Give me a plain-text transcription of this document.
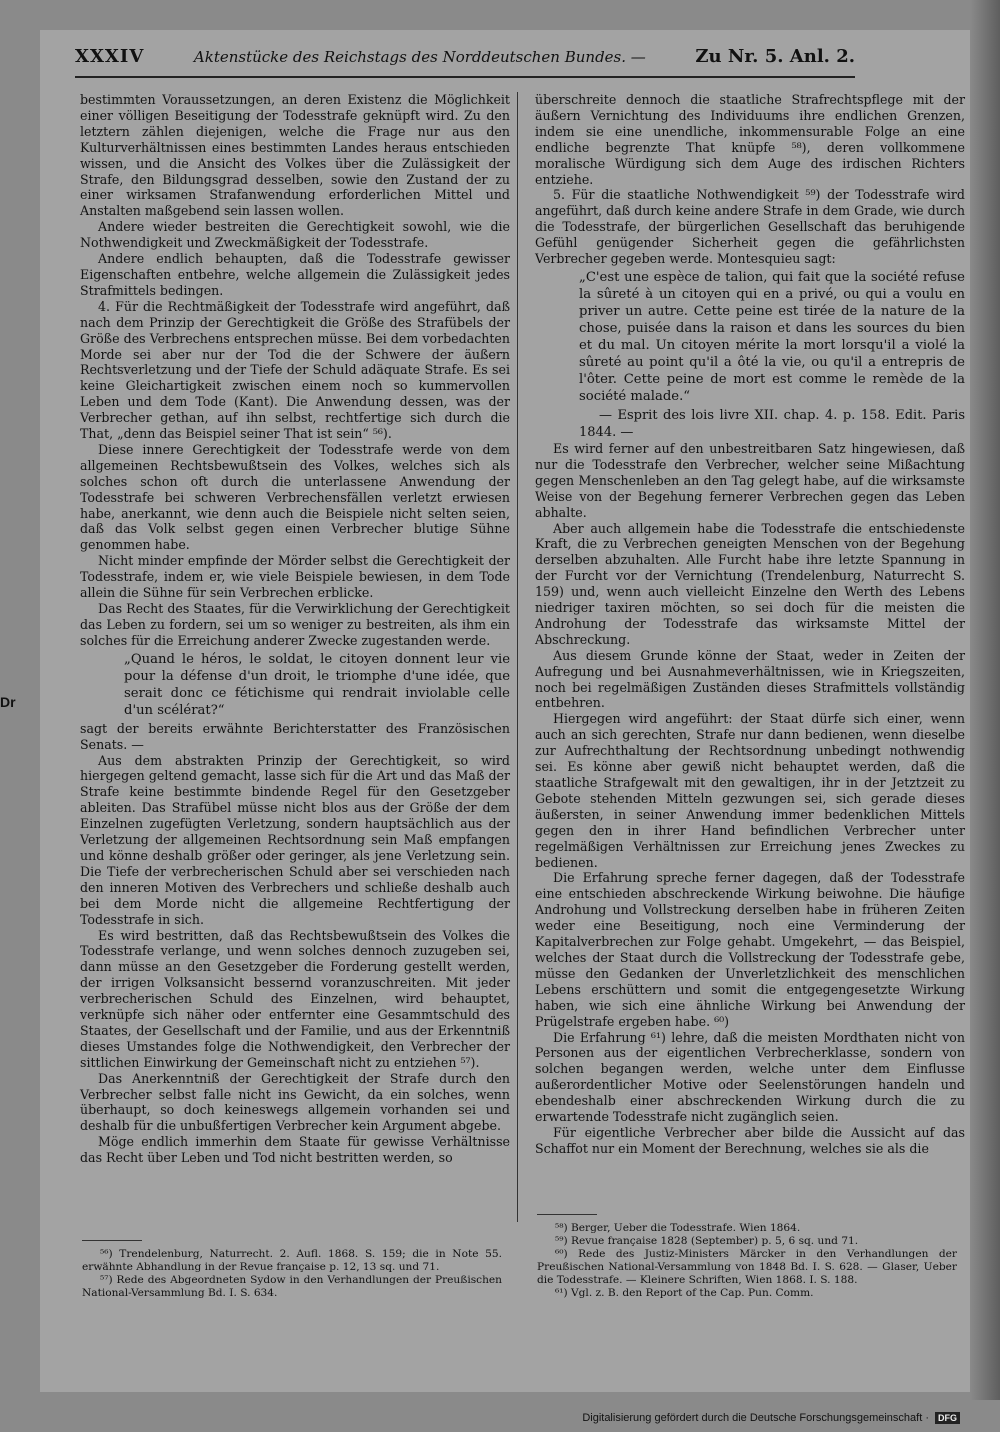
Dr
XXXIV	Aktenstücke des Reichstags des Norddeutschen Bundes. —	Zu Nr. 5. Anl. 2.

bestimmten Voraussetzungen, an deren Existenz die Möglichkeit einer völligen Beseitigung der Todesstrafe geknüpft wird. Zu den letztern zählen diejenigen, welche die Frage nur aus den Kulturverhältnissen eines bestimmten Landes heraus entschieden wissen, und die Ansicht des Volkes über die Zulässigkeit der Strafe, den Bildungsgrad desselben, sowie den Zustand der zu einer wirksamen Strafanwendung erforderlichen Mittel und Anstalten maßgebend sein lassen wollen.

Andere wieder bestreiten die Gerechtigkeit sowohl, wie die Nothwendigkeit und Zweckmäßigkeit der Todesstrafe.

Andere endlich behaupten, daß die Todesstrafe gewisser Eigenschaften entbehre, welche allgemein die Zulässigkeit jedes Strafmittels bedingen.

4. Für die Rechtmäßigkeit der Todesstrafe wird angeführt, daß nach dem Prinzip der Gerechtigkeit die Größe des Strafübels der Größe des Verbrechens entsprechen müsse. Bei dem vorbedachten Morde sei aber nur der Tod die der Schwere der äußern Rechtsverletzung und der Tiefe der Schuld adäquate Strafe. Es sei keine Gleichartigkeit zwischen einem noch so kummervollen Leben und dem Tode (Kant). Die Anwendung dessen, was der Verbrecher gethan, auf ihn selbst, rechtfertige sich durch die That, „denn das Beispiel seiner That ist sein“ ⁵⁶).

Diese innere Gerechtigkeit der Todesstrafe werde von dem allgemeinen Rechtsbewußtsein des Volkes, welches sich als solches schon oft durch die unterlassene Anwendung der Todesstrafe bei schweren Verbrechensfällen verletzt erwiesen habe, anerkannt, wie denn auch die Beispiele nicht selten seien, daß das Volk selbst gegen einen Verbrecher blutige Sühne genommen habe.

Nicht minder empfinde der Mörder selbst die Gerechtigkeit der Todesstrafe, indem er, wie viele Beispiele bewiesen, in dem Tode allein die Sühne für sein Verbrechen erblicke.

Das Recht des Staates, für die Verwirklichung der Gerechtigkeit das Leben zu fordern, sei um so weniger zu bestreiten, als ihm ein solches für die Erreichung anderer Zwecke zugestanden werde.

„Quand le héros, le soldat, le citoyen donnent leur vie pour la défense d'un droit, le triomphe d'une idée, que serait donc ce fétichisme qui rendrait inviolable celle d'un scélérat?“

sagt der bereits erwähnte Berichterstatter des Französischen Senats. —

Aus dem abstrakten Prinzip der Gerechtigkeit, so wird hiergegen geltend gemacht, lasse sich für die Art und das Maß der Strafe keine bestimmte bindende Regel für den Gesetzgeber ableiten. Das Strafübel müsse nicht blos aus der Größe der dem Einzelnen zugefügten Verletzung, sondern hauptsächlich aus der Verletzung der allgemeinen Rechtsordnung sein Maß empfangen und könne deshalb größer oder geringer, als jene Verletzung sein. Die Tiefe der verbrecherischen Schuld aber sei verschieden nach den inneren Motiven des Verbrechers und schließe deshalb auch bei dem Morde nicht die allgemeine Rechtfertigung der Todesstrafe in sich.

Es wird bestritten, daß das Rechtsbewußtsein des Volkes die Todesstrafe verlange, und wenn solches dennoch zuzugeben sei, dann müsse an den Gesetzgeber die Forderung gestellt werden, der irrigen Volksansicht bessernd voranzuschreiten. Mit jeder verbrecherischen Schuld des Einzelnen, wird behauptet, verknüpfe sich näher oder entfernter eine Gesammtschuld des Staates, der Gesellschaft und der Familie, und aus der Erkenntniß dieses Umstandes folge die Nothwendigkeit, den Verbrecher der sittlichen Einwirkung der Gemeinschaft nicht zu entziehen ⁵⁷).

Das Anerkenntniß der Gerechtigkeit der Strafe durch den Verbrecher selbst falle nicht ins Gewicht, da ein solches, wenn überhaupt, so doch keineswegs allgemein vorhanden sei und deshalb für die unbußfertigen Verbrecher kein Argument abgebe.

Möge endlich immerhin dem Staate für gewisse Verhältnisse das Recht über Leben und Tod nicht bestritten werden, so

überschreite dennoch die staatliche Strafrechtspflege mit der äußern Vernichtung des Individuums ihre endlichen Grenzen, indem sie eine unendliche, inkommensurable Folge an eine endliche begrenzte That knüpfe ⁵⁸), deren vollkommene moralische Würdigung sich dem Auge des irdischen Richters entziehe.

5. Für die staatliche Nothwendigkeit ⁵⁹) der Todesstrafe wird angeführt, daß durch keine andere Strafe in dem Grade, wie durch die Todesstrafe, der bürgerlichen Gesellschaft das beruhigende Gefühl genügender Sicherheit gegen die gefährlichsten Verbrecher gegeben werde. Montesquieu sagt:

„C'est une espèce de talion, qui fait que la société refuse la sûreté à un citoyen qui en a privé, ou qui a voulu en priver un autre. Cette peine est tirée de la nature de la chose, puisée dans la raison et dans les sources du bien et du mal. Un citoyen mérite la mort lorsqu'il a violé la sûreté au point qu'il a ôté la vie, ou qu'il a entrepris de l'ôter. Cette peine de mort est comme le remède de la société malade.“

— Esprit des lois livre XII. chap. 4. p. 158. Edit. Paris 1844. —

Es wird ferner auf den unbestreitbaren Satz hingewiesen, daß nur die Todesstrafe den Verbrecher, welcher seine Mißachtung gegen Menschenleben an den Tag gelegt habe, auf die wirksamste Weise von der Begehung fernerer Verbrechen gegen das Leben abhalte.

Aber auch allgemein habe die Todesstrafe die entschiedenste Kraft, die zu Verbrechen geneigten Menschen von der Begehung derselben abzuhalten. Alle Furcht habe ihre letzte Spannung in der Furcht vor der Vernichtung (Trendelenburg, Naturrecht S. 159) und, wenn auch vielleicht Einzelne den Werth des Lebens niedriger taxiren möchten, so sei doch für die meisten die Androhung der Todesstrafe das wirksamste Mittel der Abschreckung.

Aus diesem Grunde könne der Staat, weder in Zeiten der Aufregung und bei Ausnahmeverhältnissen, wie in Kriegszeiten, noch bei regelmäßigen Zuständen dieses Strafmittels vollständig entbehren.

Hiergegen wird angeführt: der Staat dürfe sich einer, wenn auch an sich gerechten, Strafe nur dann bedienen, wenn dieselbe zur Aufrechthaltung der Rechtsordnung unbedingt nothwendig sei. Es könne aber gewiß nicht behauptet werden, daß die staatliche Strafgewalt mit den gewaltigen, ihr in der Jetztzeit zu Gebote stehenden Mitteln gezwungen sei, sich gerade dieses äußersten, in seiner Anwendung immer bedenklichen Mittels gegen den in ihrer Hand befindlichen Verbrecher unter regelmäßigen Verhältnissen zur Erreichung jenes Zweckes zu bedienen.

Die Erfahrung spreche ferner dagegen, daß der Todesstrafe eine entschieden abschreckende Wirkung beiwohne. Die häufige Androhung und Vollstreckung derselben habe in früheren Zeiten weder eine Beseitigung, noch eine Verminderung der Kapitalverbrechen zur Folge gehabt. Umgekehrt, — das Beispiel, welches der Staat durch die Vollstreckung der Todesstrafe gebe, müsse den Gedanken der Unverletzlichkeit des menschlichen Lebens erschüttern und somit die entgegengesetzte Wirkung haben, wie sich eine ähnliche Wirkung bei Anwendung der Prügelstrafe ergeben habe. ⁶⁰)

Die Erfahrung ⁶¹) lehre, daß die meisten Mordthaten nicht von Personen aus der eigentlichen Verbrecherklasse, sondern von solchen begangen werden, welche unter dem Einflusse außerordentlicher Motive oder Seelenstörungen handeln und ebendeshalb einer abschreckenden Wirkung durch die zu erwartende Todesstrafe nicht zugänglich seien.

Für eigentliche Verbrecher aber bilde die Aussicht auf das Schaffot nur ein Moment der Berechnung, welches sie als die

⁵⁶) Trendelenburg, Naturrecht. 2. Aufl. 1868. S. 159; die in Note 55. erwähnte Abhandlung in der Revue française p. 12, 13 sq. und 71.

⁵⁷) Rede des Abgeordneten Sydow in den Verhandlungen der Preußischen National-Versammlung Bd. I. S. 634.

⁵⁸) Berger, Ueber die Todesstrafe. Wien 1864.

⁵⁹) Revue française 1828 (September) p. 5, 6 sq. und 71.

⁶⁰) Rede des Justiz-Ministers Märcker in den Verhandlungen der Preußischen National-Versammlung von 1848 Bd. I. S. 628. — Glaser, Ueber die Todesstrafe. — Kleinere Schriften, Wien 1868. I. S. 188.

⁶¹) Vgl. z. B. den Report of the Cap. Pun. Comm.

Digitalisierung gefördert durch die Deutsche Forschungsgemeinschaft ·	DFG
